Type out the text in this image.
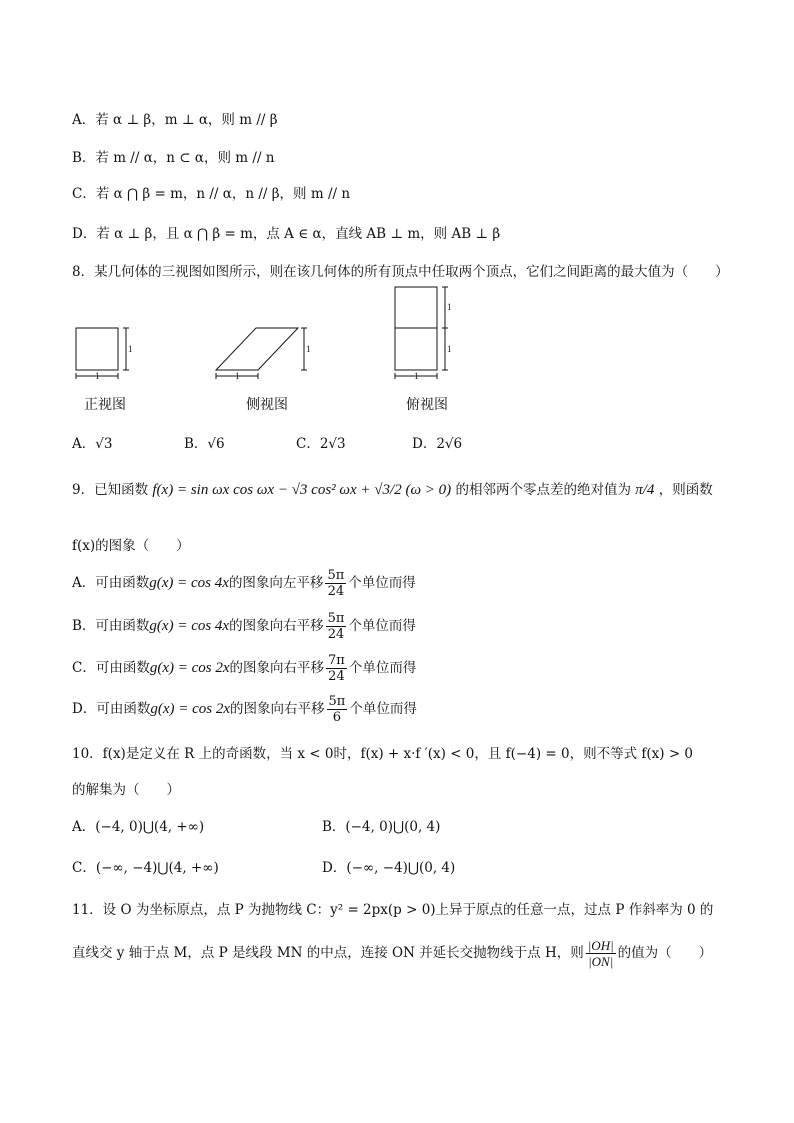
A．若 α ⊥ β，m ⊥ α，则 m // β
B．若 m // α，n ⊂ α，则 m // n
C．若 α ⋂ β = m，n // α，n // β，则 m // n
D．若 α ⊥ β，且 α ⋂ β = m，点 A ∈ α，直线 AB ⊥ m，则 AB ⊥ β
8．某几何体的三视图如图所示，则在该几何体的所有顶点中任取两个顶点，它们之间距离的最大值为（　　）
1
1
1
1
1
1
1
正视图	侧视图	俯视图
A．√3	B．√6	C．2√3	D．2√6
9．已知函数 f(x) = sin ωx cos ωx − √3 cos² ωx + √3/2 (ω > 0) 的相邻两个零点差的绝对值为 π/4 ，则函数
f(x)的图象（　　）
A．可由函数g(x) = cos 4x的图象向左平移 $\frac{5\pi}{24}$ 个单位而得
B．可由函数g(x) = cos 4x的图象向右平移 $\frac{5\pi}{24}$ 个单位而得
C．可由函数g(x) = cos 2x的图象向右平移 $\frac{7\pi}{24}$ 个单位而得
D．可由函数g(x) = cos 2x的图象向右平移 $\frac{5\pi}{6}$ 个单位而得
10．f(x)是定义在 R 上的奇函数，当 x < 0时，f(x) + x·f ′(x) < 0，且 f(−4) = 0，则不等式 f(x) > 0
的解集为（　　）
A．(−4, 0)⋃(4, +∞)	B．(−4, 0)⋃(0, 4)
C．(−∞, −4)⋃(4, +∞)	D．(−∞, −4)⋃(0, 4)
11．设 O 为坐标原点，点 P 为抛物线 C：y² = 2px(p > 0)上异于原点的任意一点，过点 P 作斜率为 0 的
直线交 y 轴于点 M，点 P 是线段 MN 的中点，连接 ON 并延长交抛物线于点 H，则 $\frac{|OH|}{|ON|}$ 的值为（　　）
